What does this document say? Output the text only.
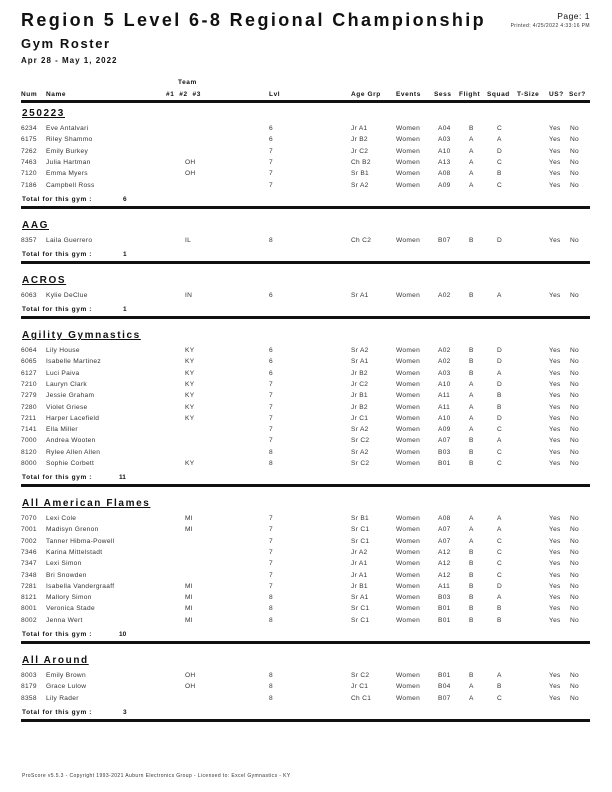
Region 5 Level 6-8 Regional Championship
Gym Roster
Apr 28 - May 1, 2022
Page: 1
Printed: 4/25/2022 4:33:16 PM
Team
Num Name	#1  #2  #3	Lvl	Age Grp Events Sess Flight Squad T-Size US? Scr?
250223
6234 Eve Antalvari	6	Jr A1	Women	A04	B	C	Yes No
6175 Riley Shammo	6	Jr B2	Women	A03	A	A	Yes No
7262 Emily Burkey	7	Jr C2	Women	A10	A	D	Yes No
7463 Julia Hartman	OH	7	Ch B2	Women	A13	A	C	Yes No
7120 Emma Myers	OH	7	Sr B1	Women	A08	A	B	Yes No
7186 Campbell Ross	7	Sr A2	Women	A09	A	C	Yes No
Total for this gym :	6
AAG
8357 Laila Guerrero	IL	8	Ch C2	Women	B07	B	D	Yes No
Total for this gym :	1
ACROS
6063 Kylie DeClue	IN	6	Sr A1	Women	A02	B	A	Yes No
Total for this gym :	1
Agility Gymnastics
6064 Lily House	KY	6	Sr A2	Women	A02	B	D	Yes No
6065 Isabelle Martinez	KY	6	Sr A1	Women	A02	B	D	Yes No
6127 Luci Paiva	KY	6	Jr B2	Women	A03	B	A	Yes No
7210 Lauryn Clark	KY	7	Jr C2	Women	A10	A	D	Yes No
7279 Jessie Graham	KY	7	Jr B1	Women	A11	A	B	Yes No
7280 Violet Griese	KY	7	Jr B2	Women	A11	A	B	Yes No
7211 Harper Lacefield	KY	7	Jr C1	Women	A10	A	D	Yes No
7141 Ella Miller	7	Sr A2	Women	A09	A	C	Yes No
7000 Andrea Wooten	7	Sr C2	Women	A07	B	A	Yes No
8120 Rylee Allen Allen	8	Sr A2	Women	B03	B	C	Yes No
8000 Sophie Corbett	KY	8	Sr C2	Women	B01	B	C	Yes No
Total for this gym :	11
All American Flames
7070 Lexi Cole	MI	7	Sr B1	Women	A08	A	A	Yes No
7001 Madisyn Grenon	MI	7	Sr C1	Women	A07	A	A	Yes No
7002 Tanner Hibma-Powell	7	Sr C1	Women	A07	A	C	Yes No
7346 Karina Mittelstadt	7	Jr A2	Women	A12	B	C	Yes No
7347 Lexi Simon	7	Jr A1	Women	A12	B	C	Yes No
7348 Bri Snowden	7	Jr A1	Women	A12	B	C	Yes No
7281 Isabella Vandergraaff	MI	7	Jr B1	Women	A11	B	D	Yes No
8121 Mallory Simon	MI	8	Sr A1	Women	B03	B	A	Yes No
8001 Veronica Stade	MI	8	Sr C1	Women	B01	B	B	Yes No
8002 Jenna Wert	MI	8	Sr C1	Women	B01	B	B	Yes No
Total for this gym :	10
All Around
8003 Emily Brown	OH	8	Sr C2	Women	B01	B	A	Yes No
8179 Grace Lulow	OH	8	Jr C1	Women	B04	A	B	Yes No
8358 Lily Rader	8	Ch C1	Women	B07	A	C	Yes No
Total for this gym :	3
ProScore v5.5.3 - Copyright 1993-2021 Auburn Electronics Group - Licensed to: Excel Gymnastics - KY
